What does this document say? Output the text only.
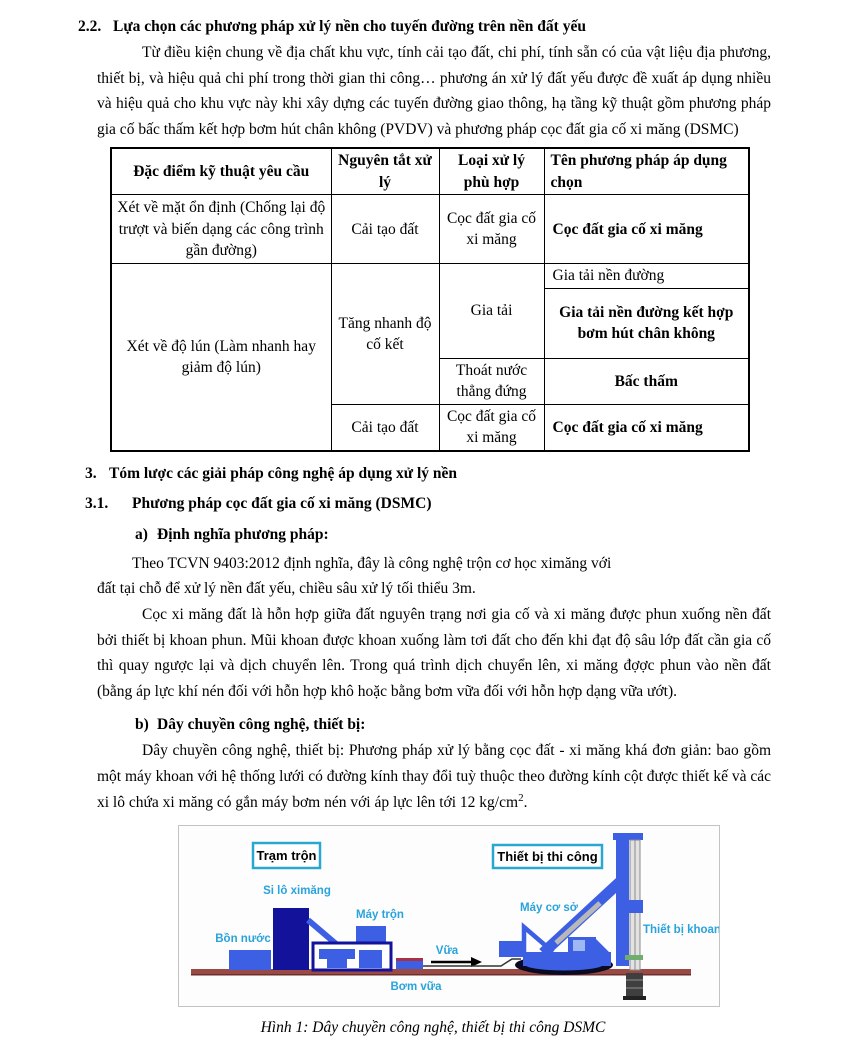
2.2. Lựa chọn các phương pháp xử lý nền cho tuyến đường trên nền đất yếu

Từ điều kiện chung về địa chất khu vực, tính cải tạo đất, chi phí, tính sẵn có của vật liệu địa phương, thiết bị, và hiệu quả chi phí trong thời gian thi công… phương án xử lý đất yếu được đề xuất áp dụng nhiều và hiệu quả cho khu vực này khi xây dựng các tuyến đường giao thông, hạ tầng kỹ thuật gồm phương pháp gia cố bấc thấm kết hợp bơm hút chân không (PVDV) và phương pháp cọc đất gia cố xi măng (DSMC)

Đặc điểm kỹ thuật yêu cầu	Nguyên tắt xử lý	Loại xử lý phù hợp	Tên phương pháp áp dụng chọn
Xét về mặt ổn định (Chống lại độ trượt và biến dạng các công trình gần đường)	Cải tạo đất	Cọc đất gia cố xi măng	Cọc đất gia cố xi măng
Xét về độ lún (Làm nhanh hay giảm độ lún)	Tăng nhanh độ cố kết	Gia tải	Gia tải nền đường
			Gia tải nền đường kết hợp bơm hút chân không
		Thoát nước thẳng đứng	Bấc thấm
	Cải tạo đất	Cọc đất gia cố xi măng	Cọc đất gia cố xi măng
3. Tóm lược các giải pháp công nghệ áp dụng xử lý nền
3.1.	Phương pháp cọc đất gia cố xi măng (DSMC)
a) Định nghĩa phương pháp:
Theo TCVN 9403:2012 định nghĩa, đây là công nghệ trộn cơ học ximăng với
đất tại chỗ để xử lý nền đất yếu, chiều sâu xử lý tối thiểu 3m.

Cọc xi măng đất là hỗn hợp giữa đất nguyên trạng nơi gia cố và xi măng được phun xuống nền đất bởi thiết bị khoan phun. Mũi khoan được khoan xuống làm tơi đất cho đến khi đạt độ sâu lớp đất cần gia cố thì quay ngược lại và dịch chuyển lên. Trong quá trình dịch chuyển lên, xi măng đợợc phun vào nền đất (bằng áp lực khí nén đối với hỗn hợp khô hoặc bằng bơm vữa đối với hỗn hợp dạng vữa ướt).

b) Dây chuyền công nghệ, thiết bị:

Dây chuyền công nghệ, thiết bị: Phương pháp xử lý bằng cọc đất - xi măng khá đơn giản: bao gồm một máy khoan với hệ thống lưới có đường kính thay đổi tuỳ thuộc theo đường kính cột được thiết kế và các xi lô chứa xi măng có gắn máy bơm nén với áp lực lên tới 12 $kg/cm^2$.

Trạm trộn
Si lô ximăng
Bồn nước
Máy trộn
Bơm vữa
Vữa
Thiết bị thi công
Máy cơ sở
Thiết bị khoan
Hình 1: Dây chuyền công nghệ, thiết bị thi công DSMC
